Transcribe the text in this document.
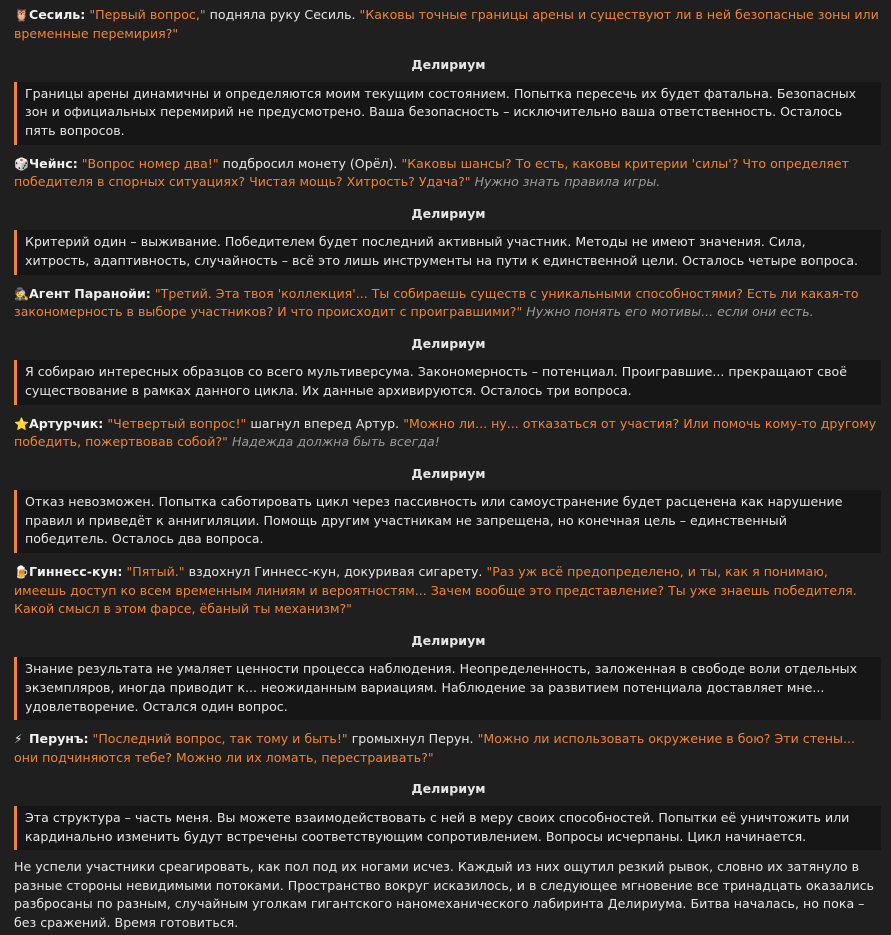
🦉Сесиль: "Первый вопрос," подняла руку Сесиль. "Каковы точные границы арены и существуют ли в ней безопасные зоны или временные перемирия?"

Делириум
Границы арены динамичны и определяются моим текущим состоянием. Попытка пересечь их будет фатальна. Безопасных зон и официальных перемирий не предусмотрено. Ваша безопасность – исключительно ваша ответственность. Осталось пять вопросов.

🎲Чейнс: "Вопрос номер два!" подбросил монету (Орёл). "Каковы шансы? То есть, каковы критерии 'силы'? Что определяет победителя в спорных ситуациях? Чистая мощь? Хитрость? Удача?" Нужно знать правила игры.

Делириум
Критерий один – выживание. Победителем будет последний активный участник. Методы не имеют значения. Сила, хитрость, адаптивность, случайность – всё это лишь инструменты на пути к единственной цели. Осталось четыре вопроса.

🕵Агент Паранойи: "Третий. Эта твоя 'коллекция'... Ты собираешь существ с уникальными способностями? Есть ли какая-то закономерность в выборе участников? И что происходит с проигравшими?" Нужно понять его мотивы... если они есть.

Делириум
Я собираю интересных образцов со всего мультиверсума. Закономерность – потенциал. Проигравшие... прекращают своё существование в рамках данного цикла. Их данные архивируются. Осталось три вопроса.

⭐Артурчик: "Четвертый вопрос!" шагнул вперед Артур. "Можно ли... ну... отказаться от участия? Или помочь кому-то другому победить, пожертвовав собой?" Надежда должна быть всегда!

Делириум
Отказ невозможен. Попытка саботировать цикл через пассивность или самоустранение будет расценена как нарушение правил и приведёт к аннигиляции. Помощь другим участникам не запрещена, но конечная цель – единственный победитель. Осталось два вопроса.

🍺Гиннесс-кун: "Пятый." вздохнул Гиннесс-кун, докуривая сигарету. "Раз уж всё предопределено, и ты, как я понимаю, имеешь доступ ко всем временным линиям и вероятностям... Зачем вообще это представление? Ты уже знаешь победителя. Какой смысл в этом фарсе, ёбаный ты механизм?"

Делириум
Знание результата не умаляет ценности процесса наблюдения. Неопределенность, заложенная в свободе воли отдельных экземпляров, иногда приводит к... неожиданным вариациям. Наблюдение за развитием потенциала доставляет мне... удовлетворение. Остался один вопрос.

⚡ Перунъ: "Последний вопрос, так тому и быть!" громыхнул Перун. "Можно ли использовать окружение в бою? Эти стены... они подчиняются тебе? Можно ли их ломать, перестраивать?"

Делириум
Эта структура – часть меня. Вы можете взаимодействовать с ней в меру своих способностей. Попытки её уничтожить или кардинально изменить будут встречены соответствующим сопротивлением. Вопросы исчерпаны. Цикл начинается.
Не успели участники среагировать, как пол под их ногами исчез. Каждый из них ощутил резкий рывок, словно их затянуло в разные стороны невидимыми потоками. Пространство вокруг исказилось, и в следующее мгновение все тринадцать оказались разбросаны по разным, случайным уголкам гигантского наномеханического лабиринта Делириума. Битва началась, но пока – без сражений. Время готовиться.
